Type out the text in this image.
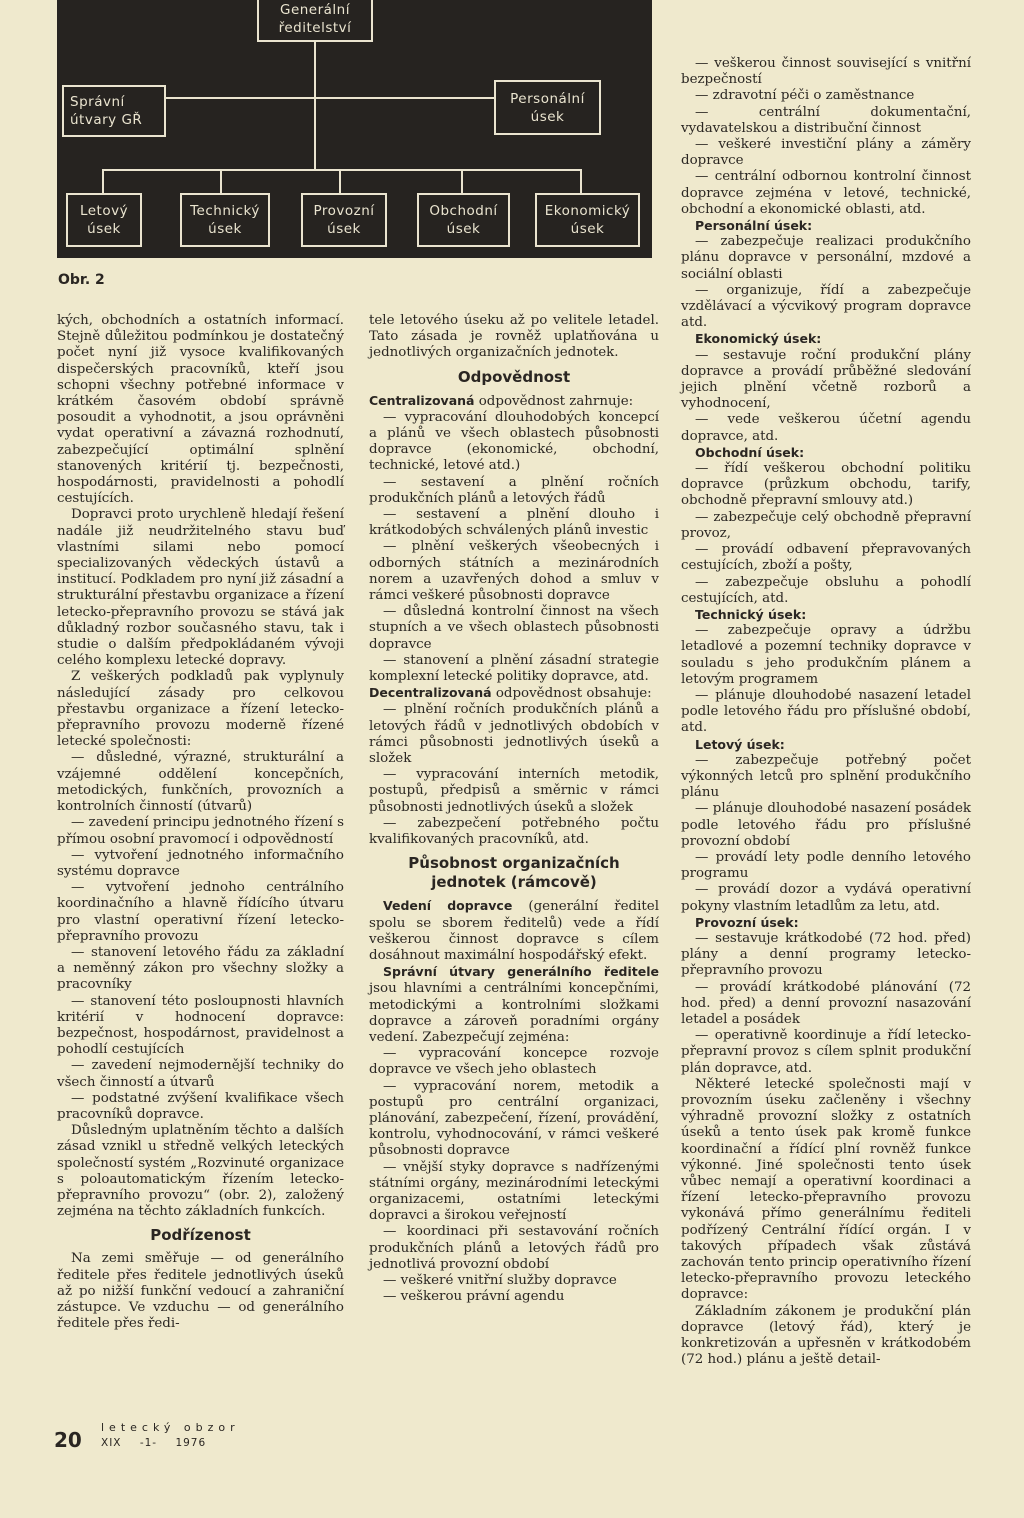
Generální
ředitelství
Správní
útvary GŘ
Personální
úsek
Letový
úsek
Technický
úsek
Provozní
úsek
Obchodní
úsek
Ekonomický
úsek
Obr. 2

kých, obchodních a ostatních informací. Stejně důležitou podmínkou je dostatečný počet nyní již vysoce kvalifikovaných dispečerských pracovníků, kteří jsou schopni všechny potřebné informace v krátkém časovém období správně posoudit a vyhodnotit, a jsou oprávněni vydat operativní a závazná rozhodnutí, zabezpečující optimální splnění stanovených kritérií tj. bezpečnosti, hospodárnosti, pravidelnosti a pohodlí cestujících.

Dopravci proto urychleně hledají řešení nadále již neudržitelného stavu buď vlastními silami nebo pomocí specializovaných vědeckých ústavů a institucí. Podkladem pro nyní již zásadní a strukturální přestavbu organizace a řízení letecko-přepravního provozu se stává jak důkladný rozbor současného stavu, tak i studie o dalším předpokládaném vývoji celého komplexu letecké dopravy.

Z veškerých podkladů pak vyplynuly následující zásady pro celkovou přestavbu organizace a řízení letecko-přepravního provozu moderně řízené letecké společnosti:

— důsledné, výrazné, strukturální a vzájemné oddělení koncepčních, metodických, funkčních, provozních a kontrolních činností (útvarů)

— zavedení principu jednotného řízení s přímou osobní pravomocí i odpovědností

— vytvoření jednotného informačního systému dopravce

— vytvoření jednoho centrálního koordinačního a hlavně řídícího útvaru pro vlastní operativní řízení letecko-přepravního provozu

— stanovení letového řádu za základní a neměnný zákon pro všechny složky a pracovníky

— stanovení této posloupnosti hlavních kritérií v hodnocení dopravce: bezpečnost, hospodárnost, pravidelnost a pohodlí cestujících

— zavedení nejmodernější techniky do všech činností a útvarů

— podstatné zvýšení kvalifikace všech pracovníků dopravce.

Důsledným uplatněním těchto a dalších zásad vznikl u středně velkých leteckých společností systém „Rozvinuté organizace s poloautomatickým řízením letecko-přepravního provozu“ (obr. 2), založený zejména na těchto základních funkcích.

Podřízenost

Na zemi směřuje — od generálního ředitele přes ředitele jednotlivých úseků až po nižší funkční vedoucí a zahraniční zástupce. Ve vzduchu — od generálního ředitele přes ředi-

tele letového úseku až po velitele letadel. Tato zásada je rovněž uplatňována u jednotlivých organizačních jednotek.

Odpovědnost

Centralizovaná odpovědnost zahrnuje:

— vypracování dlouhodobých koncepcí a plánů ve všech oblastech působnosti dopravce (ekonomické, obchodní, technické, letové atd.)

— sestavení a plnění ročních produkčních plánů a letových řádů

— sestavení a plnění dlouho i krátkodobých schválených plánů investic

— plnění veškerých všeobecných i odborných státních a mezinárodních norem a uzavřených dohod a smluv v rámci veškeré působnosti dopravce

— důsledná kontrolní činnost na všech stupních a ve všech oblastech působnosti dopravce

— stanovení a plnění zásadní strategie komplexní letecké politiky dopravce, atd.

Decentralizovaná odpovědnost obsahuje:

— plnění ročních produkčních plánů a letových řádů v jednotlivých obdobích v rámci působnosti jednotlivých úseků a složek

— vypracování interních metodik, postupů, předpisů a směrnic v rámci působnosti jednotlivých úseků a složek

— zabezpečení potřebného počtu kvalifikovaných pracovníků, atd.

Působnost organizačních jednotek (rámcově)

Vedení dopravce (generální ředitel spolu se sborem ředitelů) vede a řídí veškerou činnost dopravce s cílem dosáhnout maximální hospodářský efekt.

Správní útvary generálního ředitele jsou hlavními a centrálními koncepčními, metodickými a kontrolními složkami dopravce a zároveň poradními orgány vedení. Zabezpečují zejména:

— vypracování koncepce rozvoje dopravce ve všech jeho oblastech

— vypracování norem, metodik a postupů pro centrální organizaci, plánování, zabezpečení, řízení, provádění, kontrolu, vyhodnocování, v rámci veškeré působnosti dopravce

— vnější styky dopravce s nadřízenými státními orgány, mezinárodními leteckými organizacemi, ostatními leteckými dopravci a širokou veřejností

— koordinaci při sestavování ročních produkčních plánů a letových řádů pro jednotlivá provozní období

— veškeré vnitřní služby dopravce

— veškerou právní agendu

— veškerou činnost související s vnitřní bezpečností

— zdravotní péči o zaměstnance

— centrální dokumentační, vydavatelskou a distribuční činnost

— veškeré investiční plány a záměry dopravce

— centrální odbornou kontrolní činnost dopravce zejména v letové, technické, obchodní a ekonomické oblasti, atd.

Personální úsek:

— zabezpečuje realizaci produkčního plánu dopravce v personální, mzdové a sociální oblasti

— organizuje, řídí a zabezpečuje vzdělávací a výcvikový program dopravce atd.

Ekonomický úsek:

— sestavuje roční produkční plány dopravce a provádí průběžné sledování jejich plnění včetně rozborů a vyhodnocení,

— vede veškerou účetní agendu dopravce, atd.

Obchodní úsek:

— řídí veškerou obchodní politiku dopravce (průzkum obchodu, tarify, obchodně přepravní smlouvy atd.)

— zabezpečuje celý obchodně přepravní provoz,

— provádí odbavení přepravovaných cestujících, zboží a pošty,

— zabezpečuje obsluhu a pohodlí cestujících, atd.

Technický úsek:

— zabezpečuje opravy a údržbu letadlové a pozemní techniky dopravce v souladu s jeho produkčním plánem a letovým programem

— plánuje dlouhodobé nasazení letadel podle letového řádu pro příslušné období, atd.

Letový úsek:

— zabezpečuje potřebný počet výkonných letců pro splnění produkčního plánu

— plánuje dlouhodobé nasazení posádek podle letového řádu pro příslušné provozní období

— provádí lety podle denního letového programu

— provádí dozor a vydává operativní pokyny vlastním letadlům za letu, atd.

Provozní úsek:

— sestavuje krátkodobé (72 hod. před) plány a denní programy letecko-přepravního provozu

— provádí krátkodobé plánování (72 hod. před) a denní provozní nasazování letadel a posádek

— operativně koordinuje a řídí letecko-přepravní provoz s cílem splnit produkční plán dopravce, atd.

Některé letecké společnosti mají v provozním úseku začleněny i všechny výhradně provozní složky z ostatních úseků a tento úsek pak kromě funkce koordinační a řídící plní rovněž funkce výkonné. Jiné společnosti tento úsek vůbec nemají a operativní koordinaci a řízení letecko-přepravního provozu vykonává přímo generálnímu řediteli podřízený Centrální řídící orgán. I v takových případech však zůstává zachován tento princip operativního řízení letecko-přepravního provozu leteckého dopravce:

Základním zákonem je produkční plán dopravce (letový řád), který je konkretizován a upřesněn v krátkodobém (72 hod.) plánu a ještě detail-

20
letecký obzor
XIX -1- 1976
